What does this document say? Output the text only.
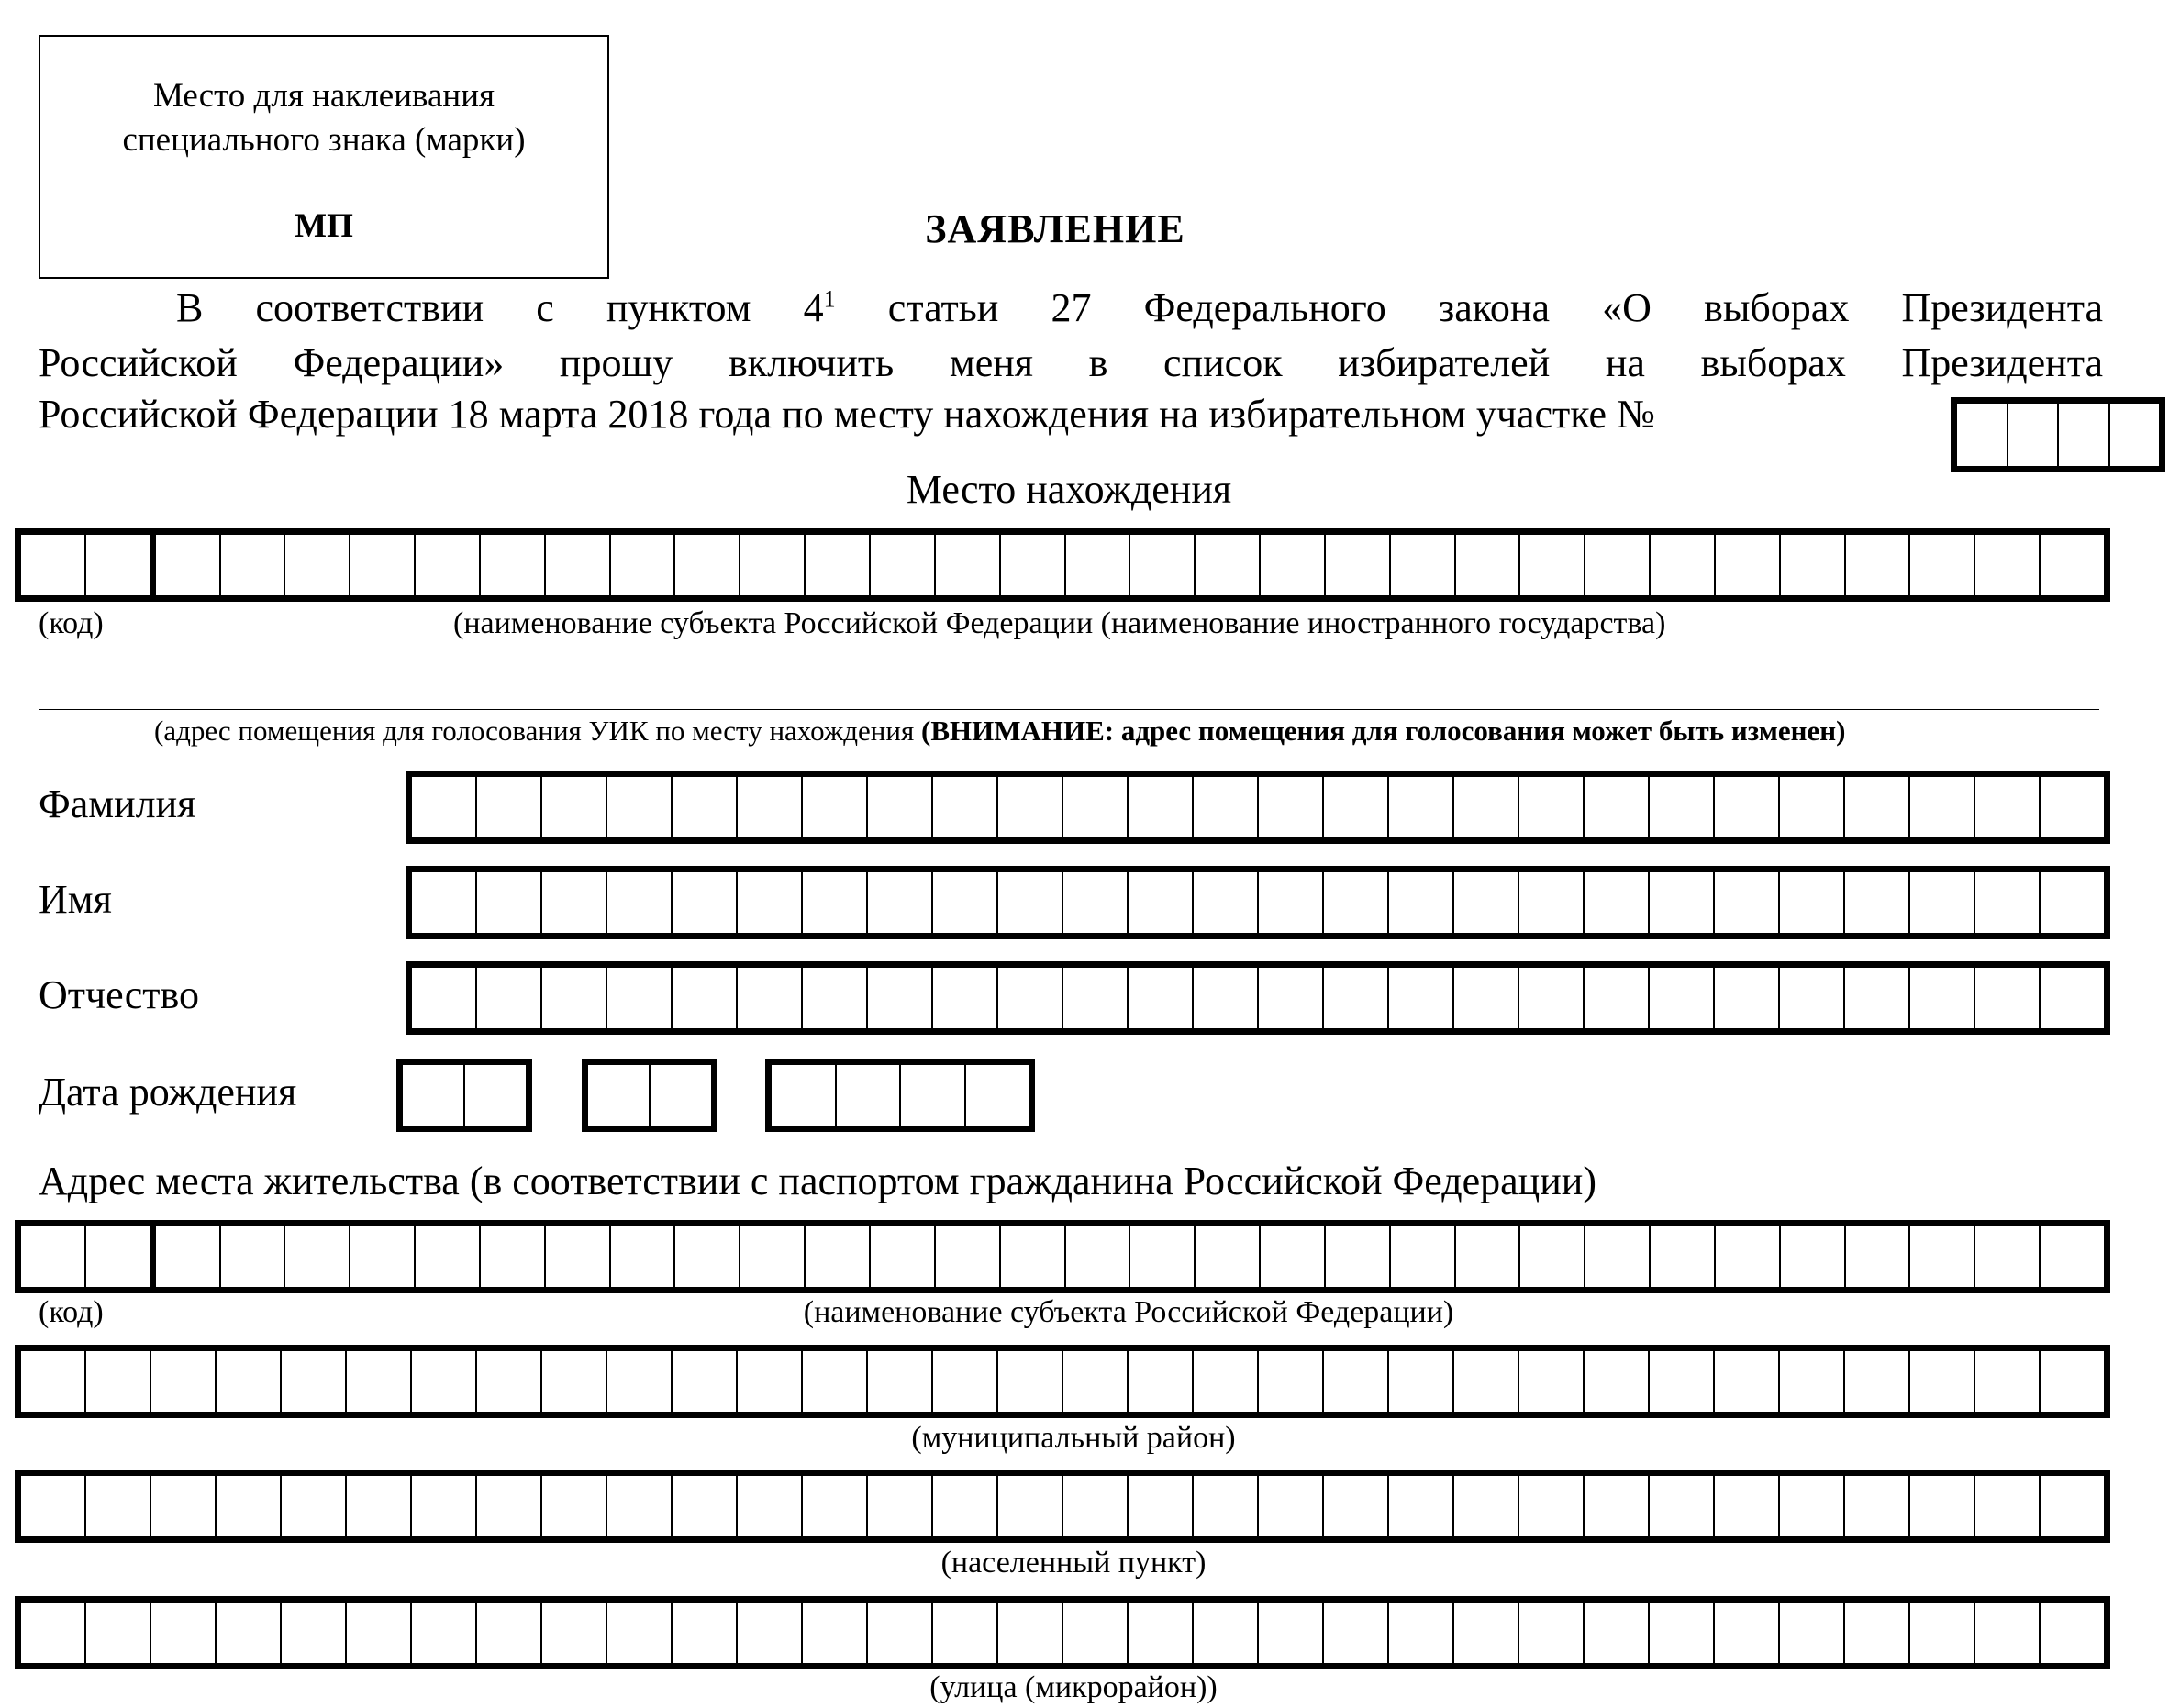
Место для наклеивания
специального знака (марки)
МП	ЗАЯВЛЕНИЕ
В соответствии с пунктом $4^1$ статьи 27 Федерального закона «О выборах Президента
Российской Федерации» прошу включить меня в список избирателей на выборах Президента
Российской Федерации 18 марта 2018 года по месту нахождения на избирательном участке №
Место нахождения
(код)	(наименование субъекта Российской Федерации (наименование иностранного государства)
(адрес помещения для голосования УИК по месту нахождения (ВНИМАНИЕ: адрес помещения для голосования может быть изменен)
Фамилия
Имя
Отчество
Дата рождения
Адрес места жительства (в соответствии с паспортом гражданина Российской Федерации)
(код)	(наименование субъекта Российской Федерации)
(муниципальный район)
(населенный пункт)
(улица (микрорайон))
